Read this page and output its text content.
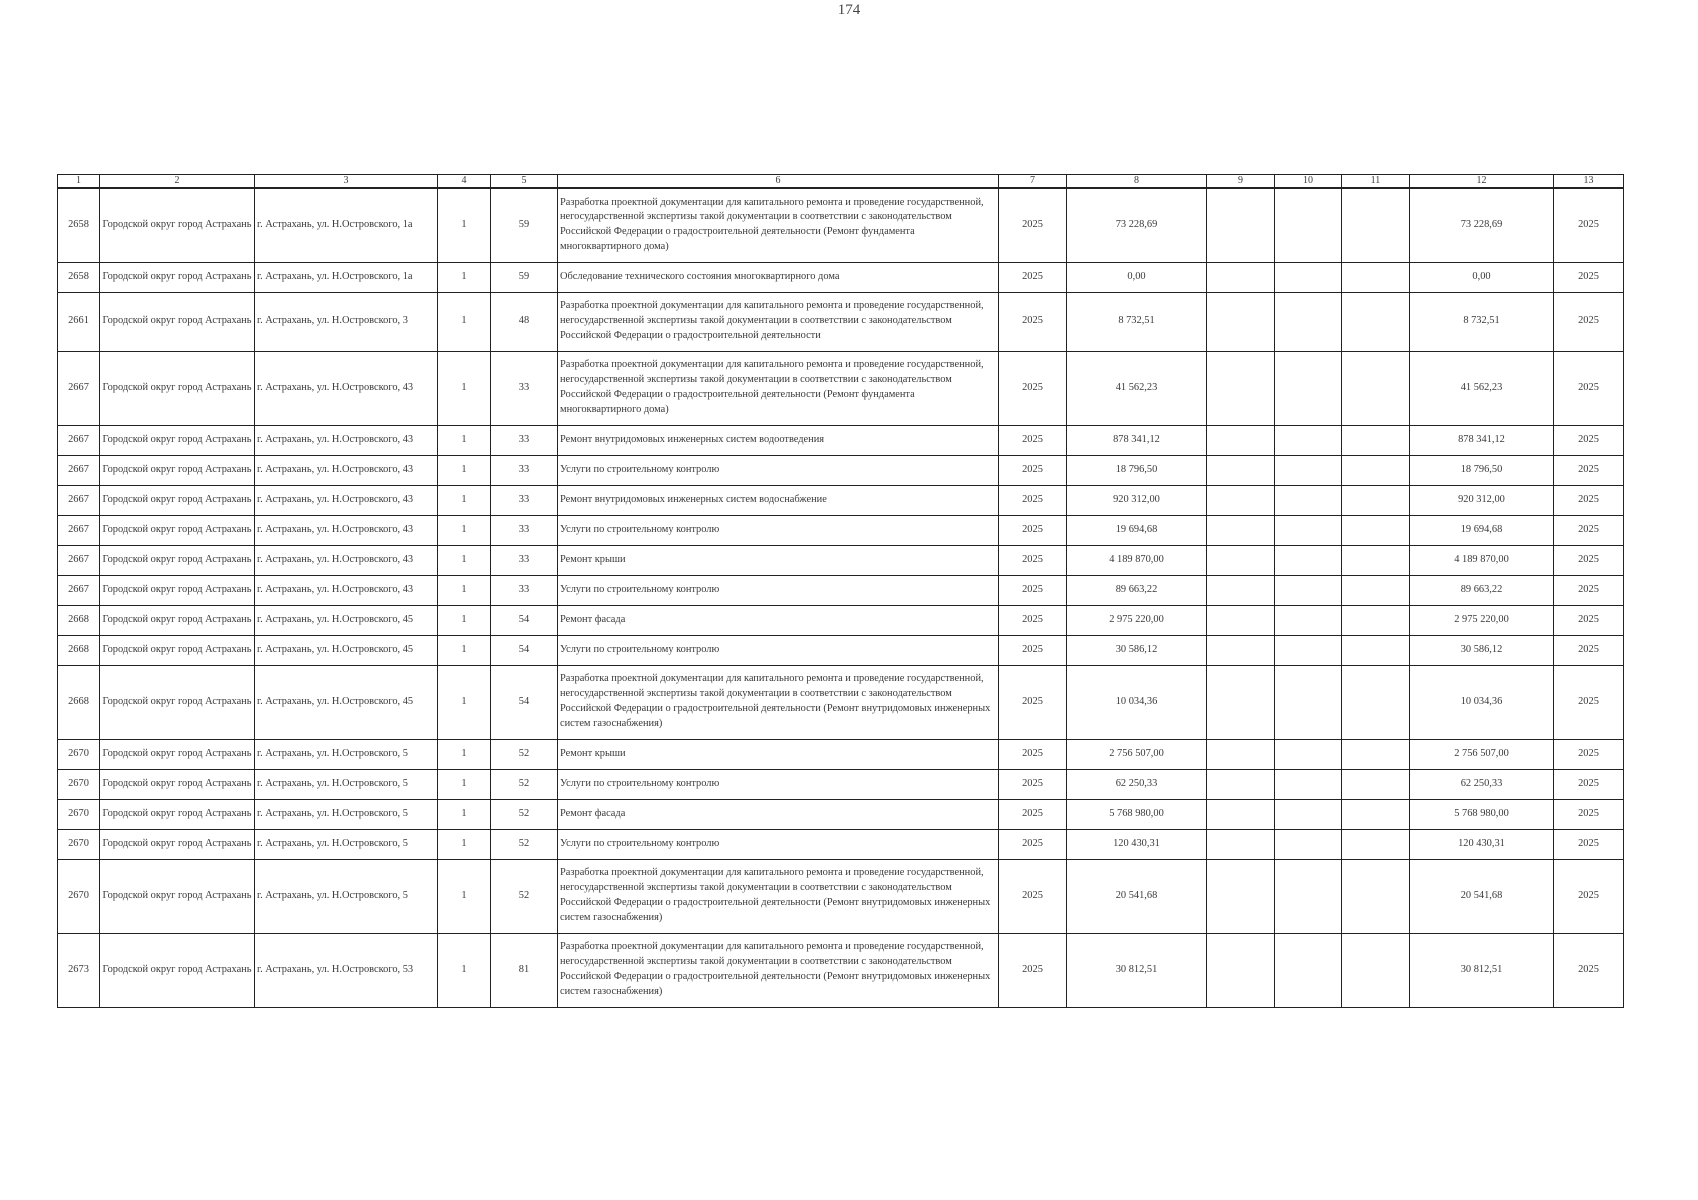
174
1	2	3	4	5	6	7	8	9	10	11	12	13
2658	Городской округ город Астрахань	г. Астрахань, ул. Н.Островского, 1а	1	59	Разработка проектной документации для капитального ремонта и проведение государственной, негосударственной экспертизы такой документации в соответствии с законодательством Российской Федерации о градостроительной деятельности (Ремонт фундамента многоквартирного дома)	2025	73 228,69				73 228,69	2025
2658	Городской округ город Астрахань	г. Астрахань, ул. Н.Островского, 1а	1	59	Обследование технического состояния многоквартирного дома	2025	0,00				0,00	2025
2661	Городской округ город Астрахань	г. Астрахань, ул. Н.Островского, 3	1	48	Разработка проектной документации для капитального ремонта и проведение государственной, негосударственной экспертизы такой документации в соответствии с законодательством Российской Федерации о градостроительной деятельности	2025	8 732,51				8 732,51	2025
2667	Городской округ город Астрахань	г. Астрахань, ул. Н.Островского, 43	1	33	Разработка проектной документации для капитального ремонта и проведение государственной, негосударственной экспертизы такой документации в соответствии с законодательством Российской Федерации о градостроительной деятельности (Ремонт фундамента многоквартирного дома)	2025	41 562,23				41 562,23	2025
2667	Городской округ город Астрахань	г. Астрахань, ул. Н.Островского, 43	1	33	Ремонт внутридомовых инженерных систем водоотведения	2025	878 341,12				878 341,12	2025
2667	Городской округ город Астрахань	г. Астрахань, ул. Н.Островского, 43	1	33	Услуги по строительному контролю	2025	18 796,50				18 796,50	2025
2667	Городской округ город Астрахань	г. Астрахань, ул. Н.Островского, 43	1	33	Ремонт внутридомовых инженерных систем водоснабжение	2025	920 312,00				920 312,00	2025
2667	Городской округ город Астрахань	г. Астрахань, ул. Н.Островского, 43	1	33	Услуги по строительному контролю	2025	19 694,68				19 694,68	2025
2667	Городской округ город Астрахань	г. Астрахань, ул. Н.Островского, 43	1	33	Ремонт крыши	2025	4 189 870,00				4 189 870,00	2025
2667	Городской округ город Астрахань	г. Астрахань, ул. Н.Островского, 43	1	33	Услуги по строительному контролю	2025	89 663,22				89 663,22	2025
2668	Городской округ город Астрахань	г. Астрахань, ул. Н.Островского, 45	1	54	Ремонт фасада	2025	2 975 220,00				2 975 220,00	2025
2668	Городской округ город Астрахань	г. Астрахань, ул. Н.Островского, 45	1	54	Услуги по строительному контролю	2025	30 586,12				30 586,12	2025
2668	Городской округ город Астрахань	г. Астрахань, ул. Н.Островского, 45	1	54	Разработка проектной документации для капитального ремонта и проведение государственной, негосударственной экспертизы такой документации в соответствии с законодательством Российской Федерации о градостроительной деятельности (Ремонт внутридомовых инженерных систем газоснабжения)	2025	10 034,36				10 034,36	2025
2670	Городской округ город Астрахань	г. Астрахань, ул. Н.Островского, 5	1	52	Ремонт крыши	2025	2 756 507,00				2 756 507,00	2025
2670	Городской округ город Астрахань	г. Астрахань, ул. Н.Островского, 5	1	52	Услуги по строительному контролю	2025	62 250,33				62 250,33	2025
2670	Городской округ город Астрахань	г. Астрахань, ул. Н.Островского, 5	1	52	Ремонт фасада	2025	5 768 980,00				5 768 980,00	2025
2670	Городской округ город Астрахань	г. Астрахань, ул. Н.Островского, 5	1	52	Услуги по строительному контролю	2025	120 430,31				120 430,31	2025
2670	Городской округ город Астрахань	г. Астрахань, ул. Н.Островского, 5	1	52	Разработка проектной документации для капитального ремонта и проведение государственной, негосударственной экспертизы такой документации в соответствии с законодательством Российской Федерации о градостроительной деятельности (Ремонт внутридомовых инженерных систем газоснабжения)	2025	20 541,68				20 541,68	2025
2673	Городской округ город Астрахань	г. Астрахань, ул. Н.Островского, 53	1	81	Разработка проектной документации для капитального ремонта и проведение государственной, негосударственной экспертизы такой документации в соответствии с законодательством Российской Федерации о градостроительной деятельности (Ремонт внутридомовых инженерных систем газоснабжения)	2025	30 812,51				30 812,51	2025
